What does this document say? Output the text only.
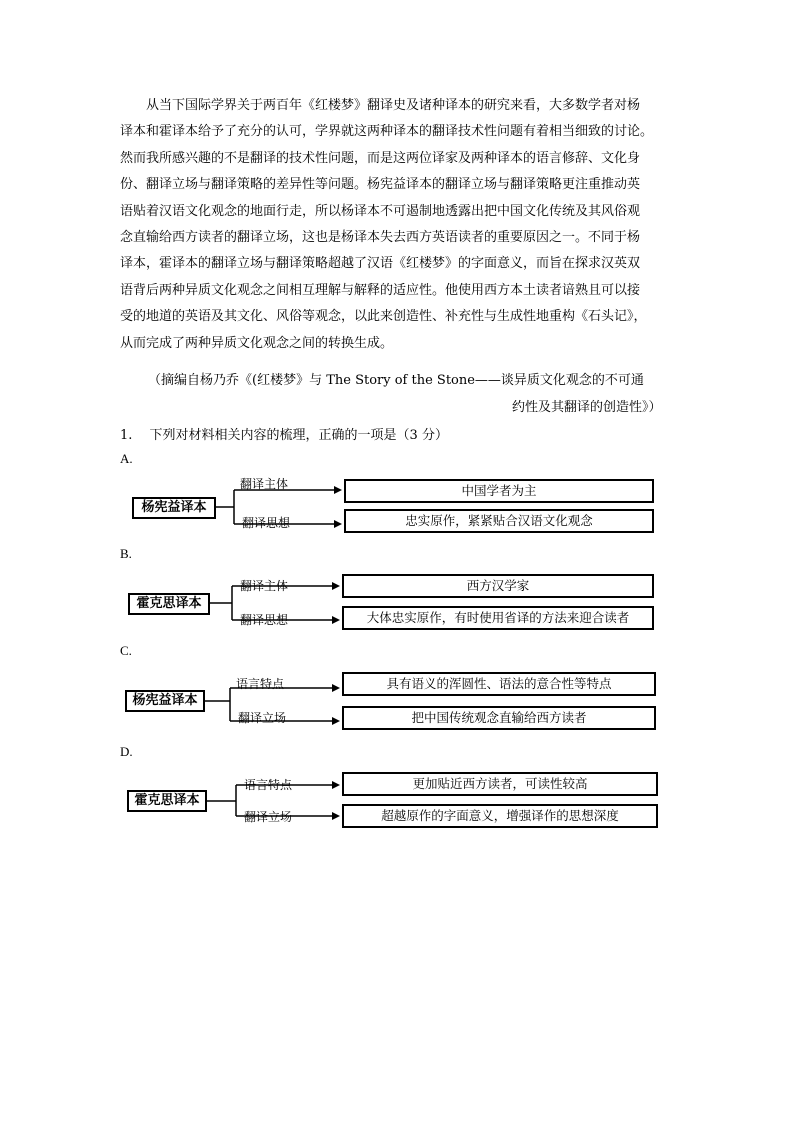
从当下国际学界关于两百年《红楼梦》翻译史及诸种译本的研究来看，大多数学者对杨
译本和霍译本给予了充分的认可，学界就这两种译本的翻译技术性问题有着相当细致的讨论。
然而我所感兴趣的不是翻译的技术性问题，而是这两位译家及两种译本的语言修辞、文化身
份、翻译立场与翻译策略的差异性等问题。杨宪益译本的翻译立场与翻译策略更注重推动英
语贴着汉语文化观念的地面行走，所以杨译本不可遏制地透露出把中国文化传统及其风俗观
念直输给西方读者的翻译立场，这也是杨译本失去西方英语读者的重要原因之一。不同于杨
译本，霍译本的翻译立场与翻译策略超越了汉语《红楼梦》的字面意义，而旨在探求汉英双
语背后两种异质文化观念之间相互理解与解释的适应性。他使用西方本土读者谙熟且可以接
受的地道的英语及其文化、风俗等观念，以此来创造性、补充性与生成性地重构《石头记》，
从而完成了两种异质文化观念之间的转换生成。
（摘编自杨乃乔《(红楼梦》与 The Story of the Stone——谈异质文化观念的不可通
约性及其翻译的创造性》）
1.　 下列对材料相关内容的梳理，正确的一项是（3 分）
A.
杨宪益译本
翻译主体	中国学者为主
翻译思想	忠实原作，紧紧贴合汉语文化观念
B.
霍克思译本
翻译主体	西方汉学家
翻译思想	大体忠实原作，有时使用省译的方法来迎合读者
C.
杨宪益译本
语言特点	具有语义的浑圆性、语法的意合性等特点
翻译立场	把中国传统观念直输给西方读者
D.
霍克思译本
语言特点	更加贴近西方读者，可读性较高
翻译立场	超越原作的字面意义，增强译作的思想深度
